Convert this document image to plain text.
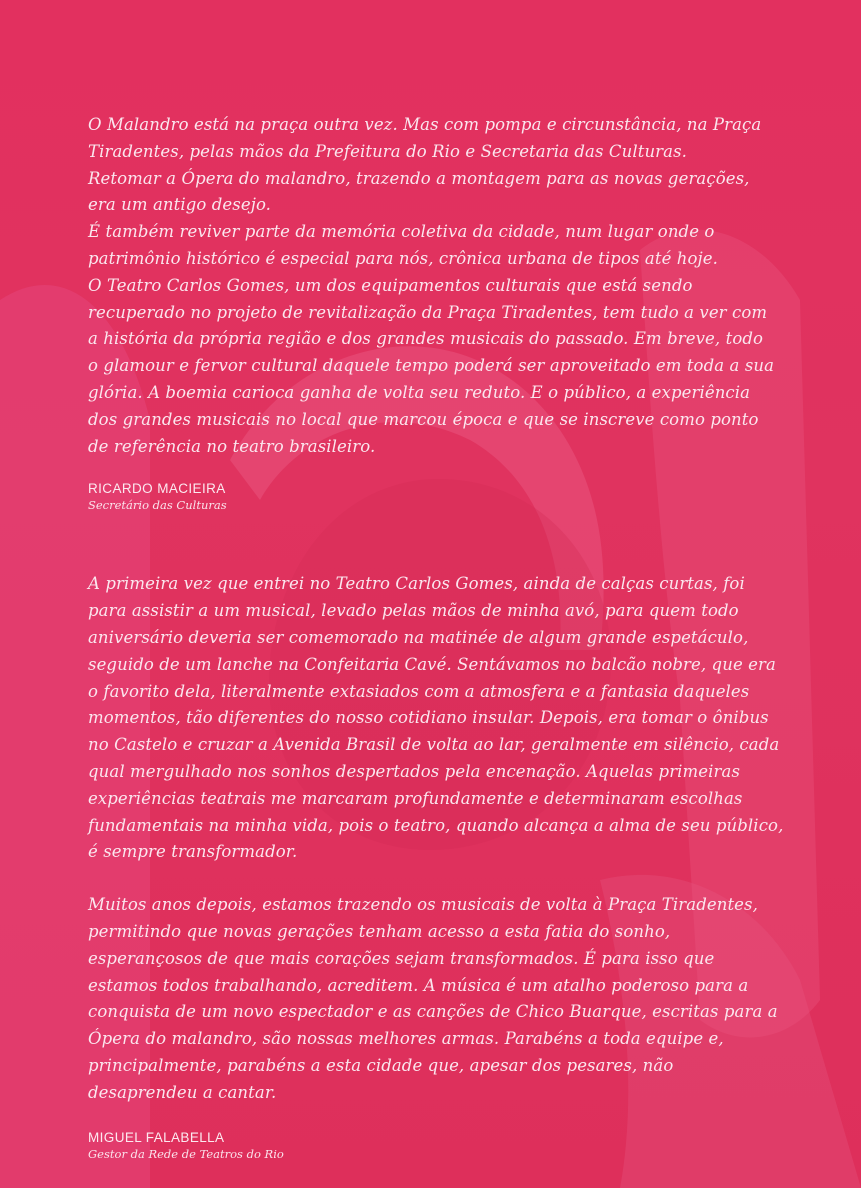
O Malandro está na praça outra vez. Mas com pompa e circunstância, na Praça Tiradentes, pelas mãos da Prefeitura do Rio e Secretaria das Culturas.

Retomar a Ópera do malandro, trazendo a montagem para as novas gerações, era um antigo desejo.

É também reviver parte da memória coletiva da cidade, num lugar onde o patrimônio histórico é especial para nós, crônica urbana de tipos até hoje.

O Teatro Carlos Gomes, um dos equipamentos culturais que está sendo recuperado no projeto de revitalização da Praça Tiradentes, tem tudo a ver com a história da própria região e dos grandes musicais do passado. Em breve, todo o glamour e fervor cultural daquele tempo poderá ser aproveitado em toda a sua glória. A boemia carioca ganha de volta seu reduto. E o público, a experiência dos grandes musicais no local que marcou época e que se inscreve como ponto de referência no teatro brasileiro.

RICARDO MACIEIRA
Secretário das Culturas

A primeira vez que entrei no Teatro Carlos Gomes, ainda de calças curtas, foi para assistir a um musical, levado pelas mãos de minha avó, para quem todo aniversário deveria ser comemorado na matinée de algum grande espetáculo, seguido de um lanche na Confeitaria Cavé. Sentávamos no balcão nobre, que era o favorito dela, literalmente extasiados com a atmosfera e a fantasia daqueles momentos, tão diferentes do nosso cotidiano insular. Depois, era tomar o ônibus no Castelo e cruzar a Avenida Brasil de volta ao lar, geralmente em silêncio, cada qual mergulhado nos sonhos despertados pela encenação. Aquelas primeiras experiências teatrais me marcaram profundamente e determinaram escolhas fundamentais na minha vida, pois o teatro, quando alcança a alma de seu público, é sempre transformador.

Muitos anos depois, estamos trazendo os musicais de volta à Praça Tiradentes, permitindo que novas gerações tenham acesso a esta fatia do sonho, esperançosos de que mais corações sejam transformados. É para isso que estamos todos trabalhando, acreditem. A música é um atalho poderoso para a conquista de um novo espectador e as canções de Chico Buarque, escritas para a Ópera do malandro, são nossas melhores armas. Parabéns a toda equipe e, principalmente, parabéns a esta cidade que, apesar dos pesares, não desaprendeu a cantar.

MIGUEL FALABELLA
Gestor da Rede de Teatros do Rio
